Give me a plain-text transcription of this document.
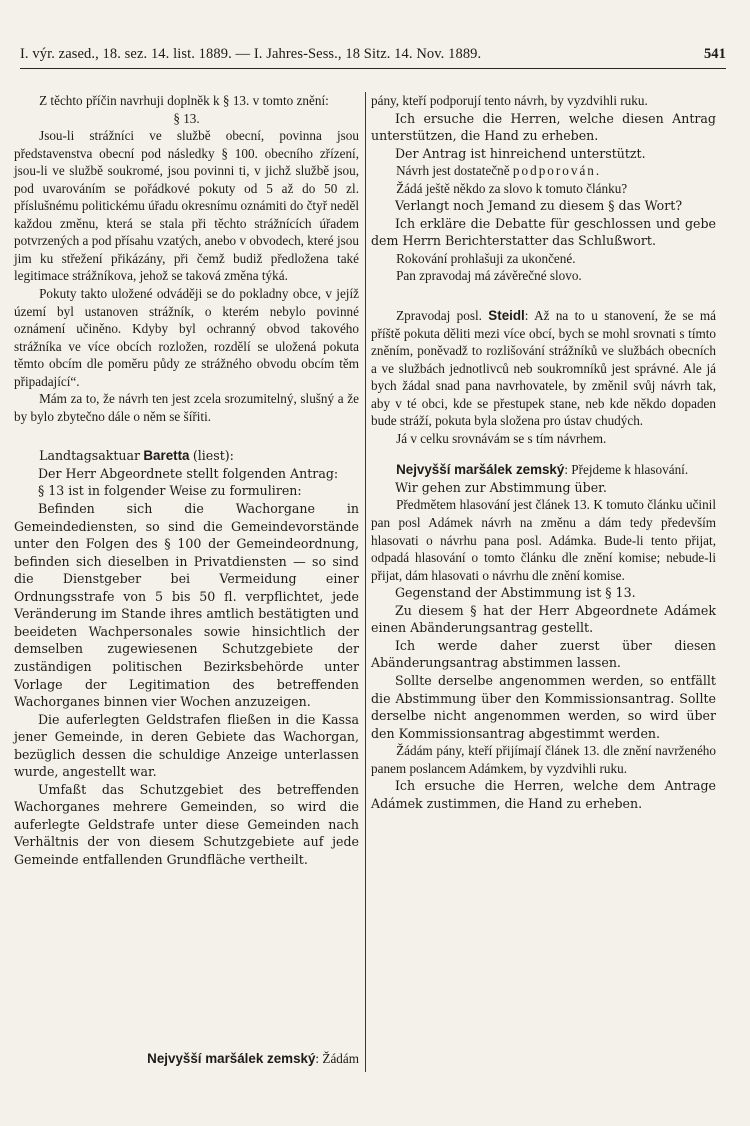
I. výr. zased., 18. sez. 14. list. 1889. — I. Jahres-Sess., 18 Sitz. 14. Nov. 1889.	541

Z těchto příčin navrhuji doplněk k § 13. v tomto znění:

§ 13.

Jsou-li strážníci ve službě obecní, povinna jsou představenstva obecní pod následky § 100. obecního zřízení, jsou-li ve službě soukromé, jsou povinni ti, v jichž službě jsou, pod uvarováním se pořádkové pokuty od 5 až do 50 zl. příslušnému politickému úřadu okresnímu oznámiti do čtyř neděl každou změnu, která se stala při těchto strážnících úřadem potvrzených a pod přísahu vzatých, anebo v obvodech, které jsou jim ku střežení přikázány, při čemž budiž předložena také legitimace strážníkova, jehož se taková změna týká.

Pokuty takto uložené odváději se do pokladny obce, v jejíž území byl ustanoven strážník, o kterém nebylo povinné oznámení učiněno. Kdyby byl ochranný obvod takového strážníka ve více obcích rozložen, rozdělí se uložená pokuta těmto obcím dle poměru půdy ze strážného obvodu obcím těm připadající“.

Mám za to, že návrh ten jest zcela srozumitelný, slušný a že by bylo zbytečno dále o něm se šířiti.

Landtagsaktuar Baretta (liest):

Der Herr Abgeordnete stellt folgenden Antrag:

§ 13 ist in folgender Weise zu formuliren:

Befinden sich die Wachorgane in Gemeindediensten, so sind die Gemeindevorstände unter den Folgen des § 100 der Gemeindeordnung, befinden sich dieselben in Privatdiensten — so sind die Dienstgeber bei Vermeidung einer Ordnungsstrafe von 5 bis 50 fl. verpflichtet, jede Veränderung im Stande ihres amtlich bestätigten und beeideten Wachpersonales sowie hinsichtlich der demselben zugewiesenen Schutzgebiete der zuständigen politischen Bezirksbehörde unter Vorlage der Legitimation des betreffenden Wachorganes binnen vier Wochen anzuzeigen.

Die auferlegten Geldstrafen fließen in die Kassa jener Gemeinde, in deren Gebiete das Wachorgan, bezüglich dessen die schuldige Anzeige unterlassen wurde, angestellt war.

Umfaßt das Schutzgebiet des betreffenden Wachorganes mehrere Gemeinden, so wird die auferlegte Geldstrafe unter diese Gemeinden nach Verhältnis der von diesem Schutzgebiete auf jede Gemeinde entfallenden Grundfläche vertheilt.

pány, kteří podporují tento návrh, by vyzdvihli ruku.

Ich ersuche die Herren, welche diesen Antrag unterstützen, die Hand zu erheben.

Der Antrag ist hinreichend unterstützt.

Návrh jest dostatečně podporován.

Žádá ještě někdo za slovo k tomuto článku?

Verlangt noch Jemand zu diesem § das Wort?

Ich erkläre die Debatte für geschlossen und gebe dem Herrn Berichterstatter das Schlußwort.

Rokování prohlašuji za ukončené.

Pan zpravodaj má závěrečné slovo.

Zpravodaj posl. Steidl: Až na to u stanovení, že se má příště pokuta děliti mezi více obcí, bych se mohl srovnati s tímto zněním, poněvadž to rozlišování strážníků ve službách obecních a ve službách jednotlivců neb soukromníků jest správné. Ale já bych žádal snad pana navrhovatele, by změnil svůj návrh tak, aby v té obci, kde se přestupek stane, neb kde někdo dopaden bude stráží, pokuta byla složena pro ústav chudých.

Já v celku srovnávám se s tím návrhem.

Nejvyšší maršálek zemský: Přejdeme k hlasování.

Wir gehen zur Abstimmung über.

Předmětem hlasování jest článek 13. K tomuto článku učinil pan posl Adámek návrh na změnu a dám tedy především hlasovati o návrhu pana posl. Adámka. Bude-li tento přijat, odpadá hlasování o tomto článku dle znění komise; nebude-li přijat, dám hlasovati o návrhu dle znění komise.

Gegenstand der Abstimmung ist § 13.

Zu diesem § hat der Herr Abgeordnete Adámek einen Abänderungsantrag gestellt.

Ich werde daher zuerst über diesen Abänderungsantrag abstimmen lassen.

Sollte derselbe angenommen werden, so entfällt die Abstimmung über den Kommissionsantrag. Sollte derselbe nicht angenommen werden, so wird über den Kommissionsantrag abgestimmt werden.

Žádám pány, kteří přijímají článek 13. dle znění navrženého panem poslancem Adámkem, by vyzdvihli ruku.

Ich ersuche die Herren, welche dem Antrage Adámek zustimmen, die Hand zu erheben.

Nejvyšší maršálek zemský: Žádám
